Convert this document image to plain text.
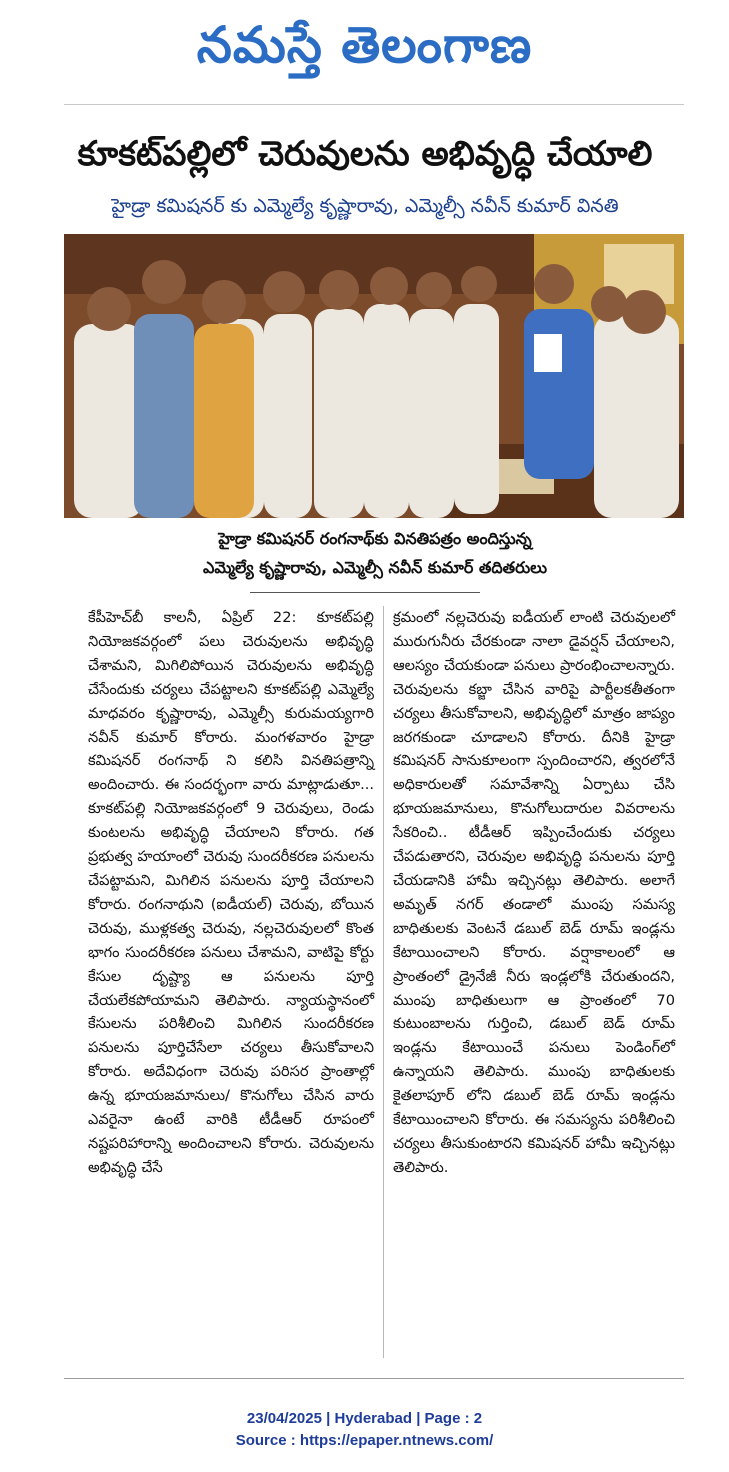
నమస్తే తెలంగాణ
కూకట్‌పల్లిలో చెరువులను అభివృద్ధి చేయాలి
హైడ్రా కమిషనర్ కు ఎమ్మెల్యే కృష్ణారావు, ఎమ్మెల్సీ నవీన్ కుమార్ వినతి
హైడ్రా కమిషనర్ రంగనాథ్‌కు వినతిపత్రం అందిస్తున్న
ఎమ్మెల్యే కృష్ణారావు, ఎమ్మెల్సీ నవీన్ కుమార్ తదితరులు

కేపీహెచ్‌బీ కాలనీ, ఏప్రిల్ 22: కూకట్‌పల్లి నియోజకవర్గంలో పలు చెరువులను అభివృద్ధి చేశామని, మిగిలిపోయిన చెరువులను అభివృద్ధి చేసేందుకు చర్యలు చేపట్టాలని కూకట్‌పల్లి ఎమ్మెల్యే మాధవరం కృష్ణారావు, ఎమ్మెల్సీ కురుమయ్యగారి నవీన్ కుమార్ కోరారు. మంగళవారం హైడ్రా కమిషనర్ రంగనాథ్ ని కలిసి వినతిపత్రాన్ని అందించారు. ఈ సందర్భంగా వారు మాట్లాడుతూ... కూకట్‌పల్లి నియోజకవర్గంలో 9 చెరువులు, రెండు కుంటలను అభివృద్ధి చేయాలని కోరారు. గత ప్రభుత్వ హయాంలో చెరువు సుందరీకరణ పనులను చేపట్టామని, మిగిలిన పనులను పూర్తి చేయాలని కోరారు. రంగనాథుని (ఐడీయల్) చెరువు, బోయిన చెరువు, ముళ్లకత్వ చెరువు, నల్లచెరువులలో కొంత భాగం సుందరీకరణ పనులు చేశామని, వాటిపై కోర్టు కేసుల దృష్ట్యా ఆ పనులను పూర్తి చేయలేకపోయామని తెలిపారు. న్యాయస్థానంలో కేసులను పరిశీలించి మిగిలిన సుందరీకరణ పనులను పూర్తిచేసేలా చర్యలు తీసుకోవాలని కోరారు. అదేవిధంగా చెరువు పరిసర ప్రాంతాల్లో ఉన్న భూయజమానులు/ కొనుగోలు చేసిన వారు ఎవరైనా ఉంటే వారికి టీడీఆర్ రూపంలో నష్టపరిహారాన్ని అందించాలని కోరారు. చెరువులను అభివృద్ధి చేసే

క్రమంలో నల్లచెరువు ఐడీయల్ లాంటి చెరువులలో మురుగునీరు చేరకుండా నాలా డైవర్షన్ చేయాలని, ఆలస్యం చేయకుండా పనులు ప్రారంభించాలన్నారు. చెరువులను కబ్జా చేసిన వారిపై పార్టీలకతీతంగా చర్యలు తీసుకోవాలని, అభివృద్ధిలో మాత్రం జాప్యం జరగకుండా చూడాలని కోరారు. దీనికి హైడ్రా కమిషనర్ సానుకూలంగా స్పందించారని, త్వరలోనే అధికారులతో సమావేశాన్ని ఏర్పాటు చేసి భూయజమానులు, కొనుగోలుదారుల వివరాలను సేకరించి.. టీడీఆర్ ఇప్పించేందుకు చర్యలు చేపడుతారని, చెరువుల అభివృద్ధి పనులను పూర్తి చేయడానికి హామీ ఇచ్చినట్లు తెలిపారు. అలాగే అమృత్ నగర్ తండాలో ముంపు సమస్య బాధితులకు వెంటనే డబుల్ బెడ్ రూమ్ ఇండ్లను కేటాయించాలని కోరారు. వర్షాకాలంలో ఆ ప్రాంతంలో డ్రైనేజీ నీరు ఇండ్లలోకి చేరుతుందని, ముంపు బాధితులుగా ఆ ప్రాంతంలో 70 కుటుంబాలను గుర్తించి, డబుల్ బెడ్ రూమ్ ఇండ్లను కేటాయించే పనులు పెండింగ్‌లో ఉన్నాయని తెలిపారు. ముంపు బాధితులకు కైతలాపూర్ లోని డబుల్ బెడ్ రూమ్ ఇండ్లను కేటాయించాలని కోరారు. ఈ సమస్యను పరిశీలించి చర్యలు తీసుకుంటారని కమిషనర్ హామీ ఇచ్చినట్లు తెలిపారు.

23/04/2025 | Hyderabad | Page : 2
Source : https://epaper.ntnews.com/
